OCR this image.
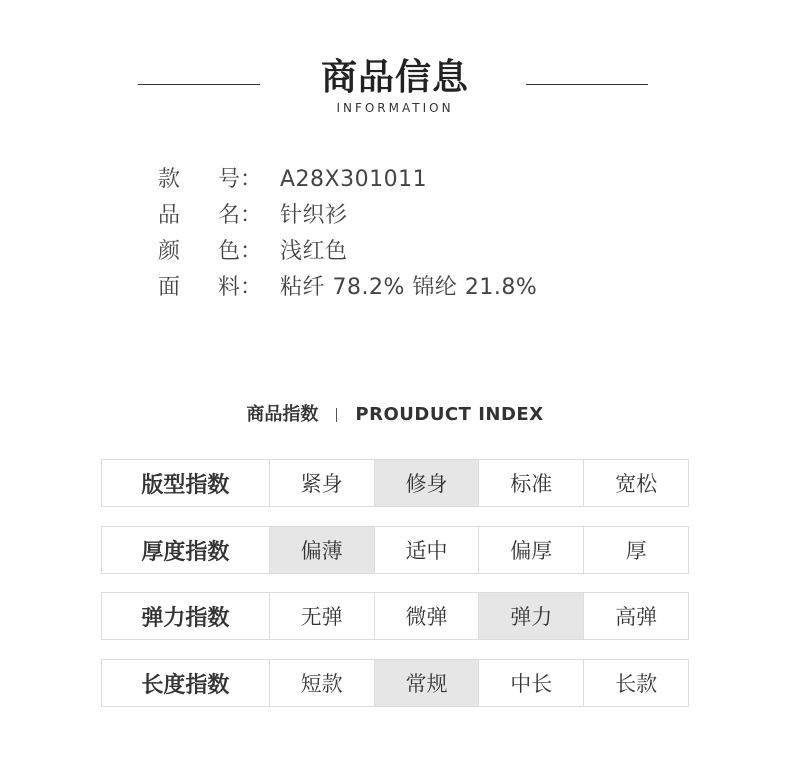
商品信息
INFORMATION
款	号： A28X301011
品	名： 针织衫
颜	色： 浅红色
面	料： 粘纤 78.2% 锦纶 21.8%
商品指数 PROUDUCT INDEX
版型指数	紧身	修身	标准	宽松
厚度指数	偏薄	适中	偏厚	厚
弹力指数	无弹	微弹	弹力	高弹
长度指数	短款	常规	中长	长款
